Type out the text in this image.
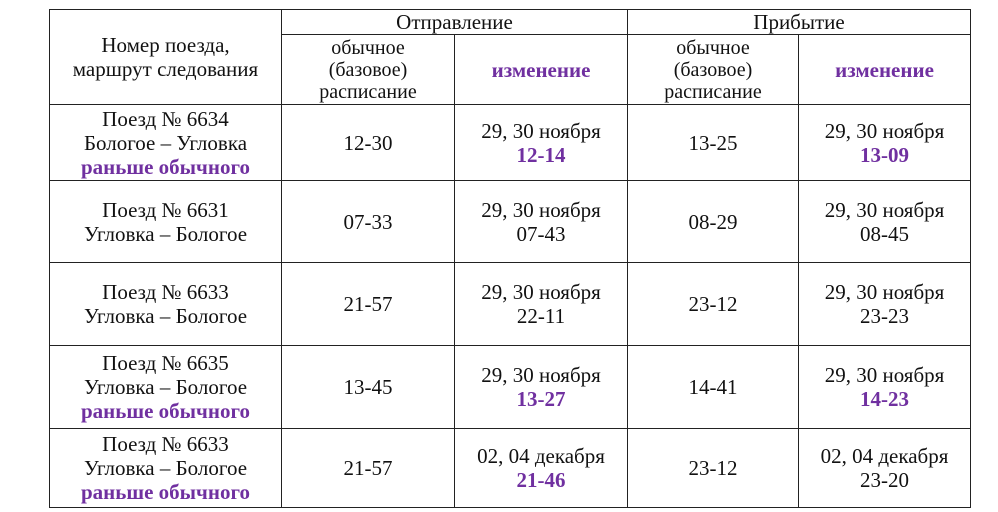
Номер поезда,
маршрут следования	Отправление		Прибытие	

	обычное
(базовое)
расписание	изменение	обычное
(базовое)
расписание	изменение

Поезд № 6634
Бологое – Угловка
раньше обычного	12-30	29, 30 ноября
12-14	13-25	29, 30 ноября
13-09

Поезд № 6631
Угловка – Бологое	07-33	29, 30 ноября
07-43	08-29	29, 30 ноября
08-45

Поезд № 6633
Угловка – Бологое	21-57	29, 30 ноября
22-11	23-12	29, 30 ноября
23-23

Поезд № 6635
Угловка – Бологое
раньше обычного	13-45	29, 30 ноября
13-27	14-41	29, 30 ноября
14-23

Поезд № 6633
Угловка – Бологое
раньше обычного	21-57	02, 04 декабря
21-46	23-12	02, 04 декабря
23-20
